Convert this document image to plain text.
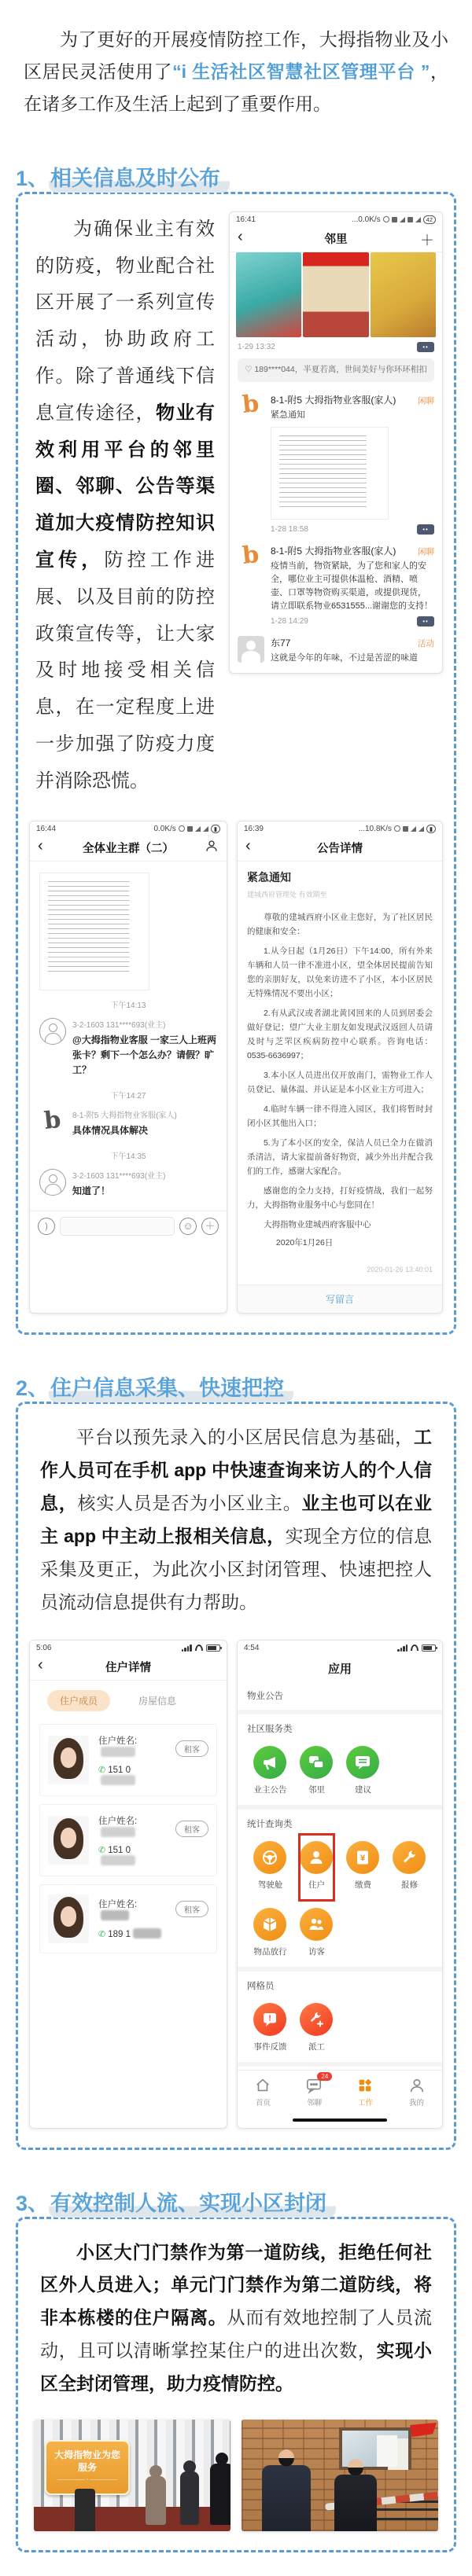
为了更好的开展疫情防控工作，大拇指物业及小区居民灵活使用了“i 生活社区智慧社区管理平台 ”，在诸多工作及生活上起到了重要作用。

1、相关信息及时公布

为确保业主有效的防疫，物业配合社区开展了一系列宣传活动，协助政府工作。除了普通线下信息宣传途径，物业有效利用平台的邻里圈、邻聊、公告等渠道加大疫情防控知识宣传，防控工作进展、以及目前的防控政策宣传等，让大家及时地接受相关信息，在一定程度上进一步加强了防疫力度并消除恐慌。

16:41	...0.0K/s	42
‹	邻里	＋
1-29 13:32	••
♡ 189****044，半夏若离，世间美好与你环环相扣
b	8-1-附5 大拇指物业客服(家人)	闲聊
紧急通知
1-28 18:58	••
b	8-1-附5 大拇指物业客服(家人)	闲聊
疫情当前，物资紧缺，为了您和家人的安全，哪位业主可提供体温枪、酒精、喷壶、口罩等物资购买渠道，或提供现货，请立即联系物业6531555...谢谢您的支持！
1-28 14:29	••
东77	活动
这就是今年的年味，不过是苦涩的味道
16:44	0.0K/s	▮
‹	全体业主群（二）
下午14:13
3-2-1603 131****693(业主)
@大拇指物业客服 一家三人上班两张卡？剩下一个怎么办？请假？旷工？
下午14:27
b	8-1-附5 大拇指物业客服(家人)
具体情况具体解决
下午14:35
3-2-1603 131****693(业主)
知道了！
)	☺	＋
16:39	...10.8K/s	▮
‹	公告详情
紧急通知
建城西府管理处 有效期至

尊敬的建城西府小区业主您好，为了社区居民的健康和安全：

1.从今日起（1月26日）下午14:00，所有外来车辆和人员一律不准进小区，望全体居民提前告知您的亲朋好友，以免来访进不了小区，本小区居民无特殊情况不要出小区；

2.有从武汉或者湖北黄冈回来的人员到居委会做好登记；望广大业主朋友如发现武汉返回人员请及时与芝罘区疾病防控中心联系。咨询电话：0535-6636997；

3.本小区人员进出仅开放南门，需物业工作人员登记、量体温、并认证是本小区业主方可进入；

4.临时车辆一律不得进入园区，我们将暂时封闭小区其他出入口；

5.为了本小区的安全，保洁人员已全力在做消杀清洁，请大家提前备好物资，减少外出并配合我们的工作，感谢大家配合。

感谢您的全力支持，打好疫情战，我们一起努力，大拇指物业服务中心与您同在！

大拇指物业建城西府客服中心

2020年1月26日

2020-01-26 13:40:01
写留言
2、住户信息采集、快速把控

平台以预先录入的小区居民信息为基础，工作人员可在手机 app 中快速查询来访人的个人信息，核实人员是否为小区业主。业主也可以在业主 app 中主动上报相关信息，实现全方位的信息采集及更正，为此次小区封闭管理、快速把控人员流动信息提供有力帮助。

5:06
‹	住户详情
住户成员	房屋信息
住户姓名:
✆ 151 0
租客
住户姓名:
✆ 151 0
租客
住户姓名:
✆ 189 1
租客
4:54
应用
物业公告
社区服务类
业主公告	邻里	建议
统计查询类
驾驶舱	住户
¥
缴费	报修
物品放行	访客
网格员
!
事件反馈	派工
首页
24
邻聊	工作	我的
3、有效控制人流、实现小区封闭

小区大门门禁作为第一道防线，拒绝任何社区外人员进入；单元门门禁作为第二道防线，将非本栋楼的住户隔离。从而有效地控制了人员流动，且可以清晰掌控某住户的进出次数，实现小区全封闭管理，助力疫情防控。

大拇指物业为您服务
————— ◦ —————
